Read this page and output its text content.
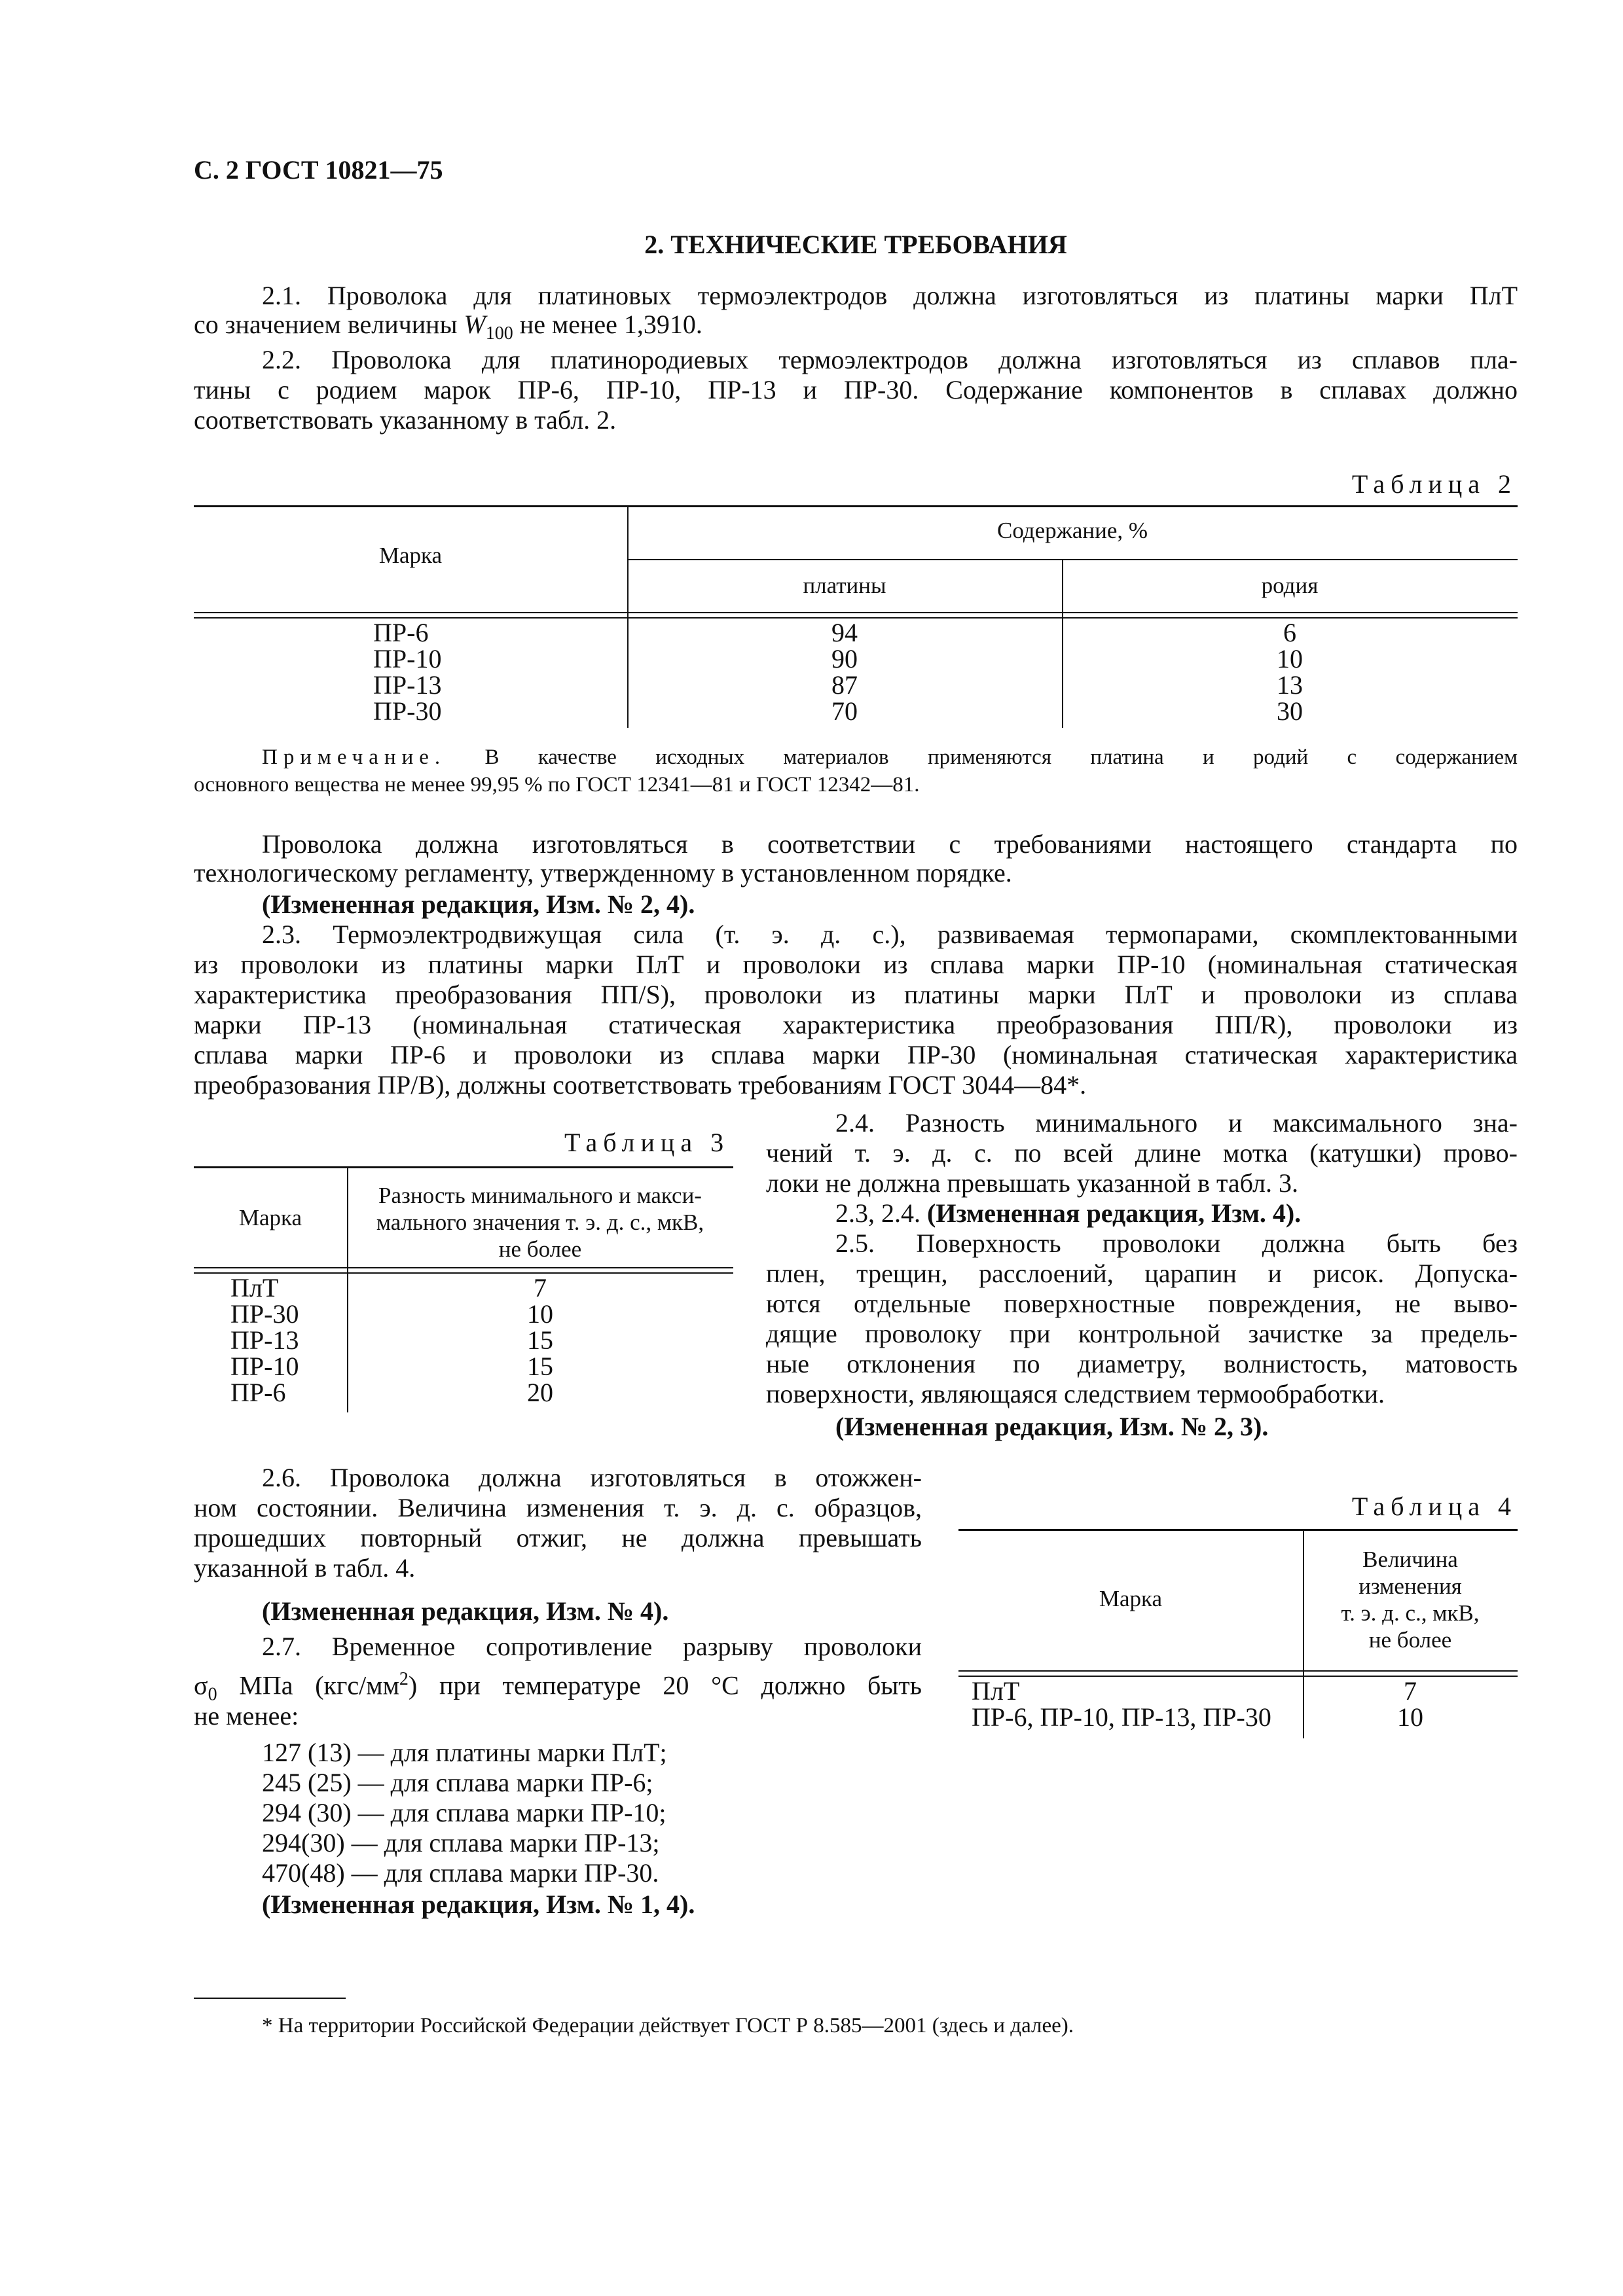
С. 2 ГОСТ 10821—75
2. ТЕХНИЧЕСКИЕ ТРЕБОВАНИЯ
2.1. Проволока для платиновых термоэлектродов должна изготовляться из платины марки ПлТ
со значением величины $W_{100}$ не менее 1,3910.
2.2. Проволока для платинородиевых термоэлектродов должна изготовляться из сплавов пла-
тины с родием марок ПР-6, ПР-10, ПР-13 и ПР-30. Содержание компонентов в сплавах должно
соответствовать указанному в табл. 2.
Таблица 2
Марка
Содержание, %
платины	родия
ПР-6
ПР-10
ПР-13
ПР-30
94
90
87
70
6
10
13
30
Примечание. В качестве исходных материалов применяются платина и родий с содержанием
основного вещества не менее 99,95 % по ГОСТ 12341—81 и ГОСТ 12342—81.
Проволока должна изготовляться в соответствии с требованиями настоящего стандарта по
технологическому регламенту, утвержденному в установленном порядке.
(Измененная редакция, Изм. № 2, 4).
2.3. Термоэлектродвижущая сила (т. э. д. с.), развиваемая термопарами, скомплектованными
из проволоки из платины марки ПлТ и проволоки из сплава марки ПР-10 (номинальная статическая
характеристика преобразования ПП/S), проволоки из платины марки ПлТ и проволоки из сплава
марки ПР-13 (номинальная статическая характеристика преобразования ПП/R), проволоки из
сплава марки ПР-6 и проволоки из сплава марки ПР-30 (номинальная статическая характеристика
преобразования ПР/В), должны соответствовать требованиям ГОСТ 3044—84*.
Таблица 3
Марка
Разность минимального и макси-
мального значения т. э. д. с., мкВ,
не более
ПлТ
ПР-30
ПР-13
ПР-10
ПР-6
7
10
15
15
20
2.4. Разность минимального и максимального зна-
чений т. э. д. с. по всей длине мотка (катушки) прово-
локи не должна превышать указанной в табл. 3.
2.3, 2.4. (Измененная редакция, Изм. 4).
2.5. Поверхность проволоки должна быть без
плен, трещин, расслоений, царапин и рисок. Допуска-
ются отдельные поверхностные повреждения, не выво-
дящие проволоку при контрольной зачистке за предель-
ные отклонения по диаметру, волнистость, матовость
поверхности, являющаяся следствием термообработки.
(Измененная редакция, Изм. № 2, 3).
2.6. Проволока должна изготовляться в отожжен-
ном состоянии. Величина изменения т. э. д. с. образцов,
прошедших повторный отжиг, не должна превышать
указанной в табл. 4.
(Измененная редакция, Изм. № 4).
2.7. Временное сопротивление разрыву проволоки
$\sigma_0$ МПа $(кгс/мм^2)$ при температуре 20 °С должно быть
не менее:
127 (13) — для платины марки ПлТ;
245 (25) — для сплава марки ПР-6;
294 (30) — для сплава марки ПР-10;
294(30) — для сплава марки ПР-13;
470(48) — для сплава марки ПР-30.
(Измененная редакция, Изм. № 1, 4).
Таблица 4
Марка
Величина
изменения
т. э. д. с., мкВ,
не более
ПлТ
ПР-6, ПР-10, ПР-13, ПР-30
7
10
* На территории Российской Федерации действует ГОСТ Р 8.585—2001 (здесь и далее).
